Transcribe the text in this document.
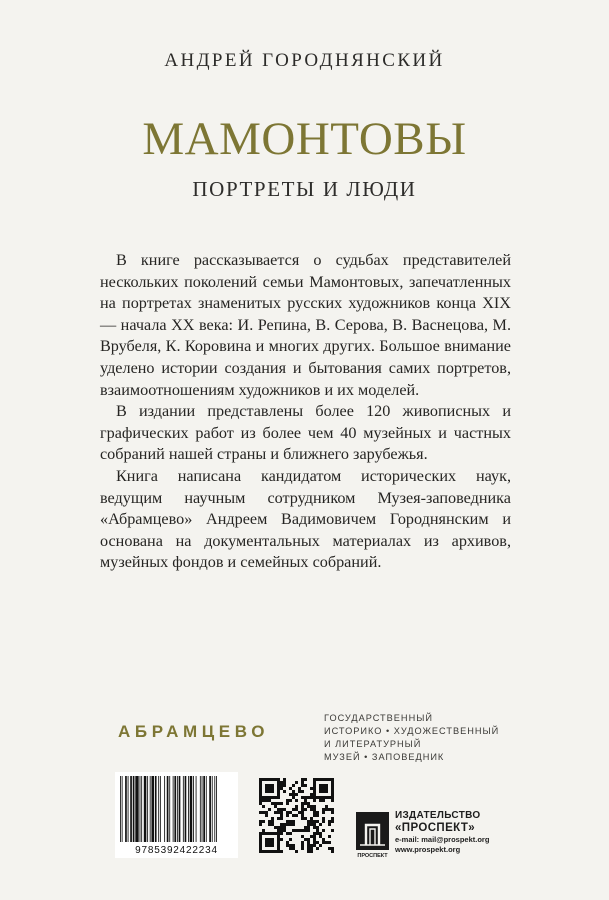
АНДРЕЙ ГОРОДНЯНСКИЙ
МАМОНТОВЫ
ПОРТРЕТЫ И ЛЮДИ

В книге рассказывается о судьбах представителей нескольких поколений семьи Мамонтовых, запечатленных на портретах знаменитых русских художников конца XIX — начала XX века: И. Репина, В. Серова, В. Васнецова, М. Врубеля, К. Коровина и многих других. Большое внимание уделено истории создания и бытования самих портретов, взаимоотношениям художников и их моделей.

В издании представлены более 120 живописных и графических работ из более чем 40 музейных и частных собраний нашей страны и ближнего зарубежья.

Книга написана кандидатом исторических наук, ведущим научным сотрудником Музея-заповедника «Абрамцево» Андреем Вадимовичем Городнянским и основана на документальных материалах из архивов, музейных фондов и семейных собраний.

АБРАМЦЕВО
ГОСУДАРСТВЕННЫЙ
ИСТОРИКО • ХУДОЖЕСТВЕННЫЙ
И ЛИТЕРАТУРНЫЙ
МУЗЕЙ • ЗАПОВЕДНИК
9785392422234	ПРОСПЕКТ
ИЗДАТЕЛЬСТВО
«ПРОСПЕКТ»
e-mail: mail@prospekt.org
www.prospekt.org
